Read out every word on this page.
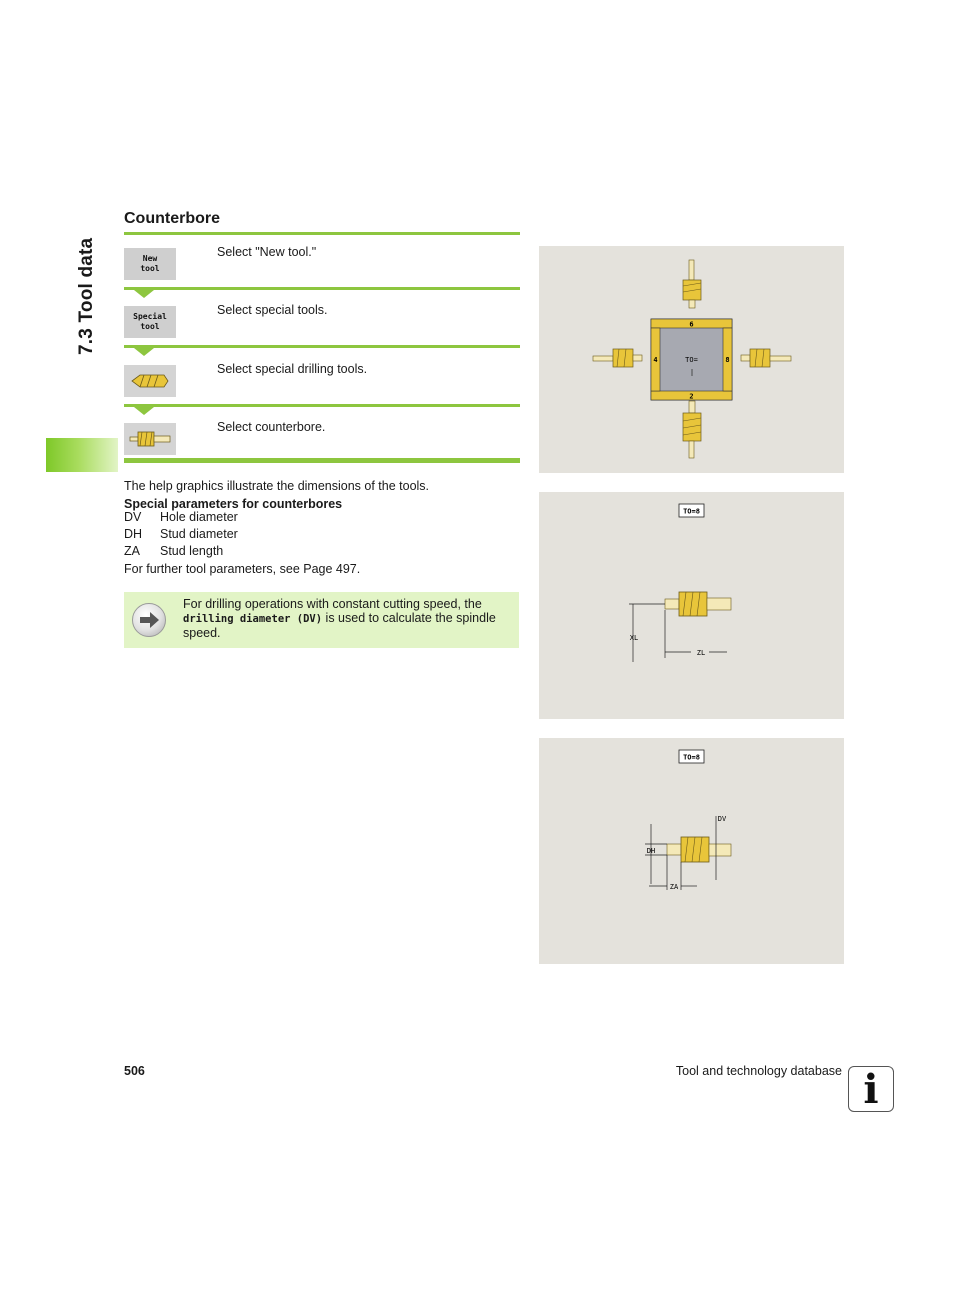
7.3 Tool data
Counterbore
New
tool
Select "New tool."
Special
tool
Select special tools.
Select special drilling tools.
Select counterbore.
The help graphics illustrate the dimensions of the tools.
Special parameters for counterbores
DV Hole diameter
DH Stud diameter
ZA Stud length
For further tool parameters, see Page 497.
For drilling operations with constant cutting speed, the drilling diameter (DV) is used to calculate the spindle speed.
6
4	8
2
TO=
TO=8
XL
ZL
TO=8
DH
DV
ZA
506	Tool and technology database i
